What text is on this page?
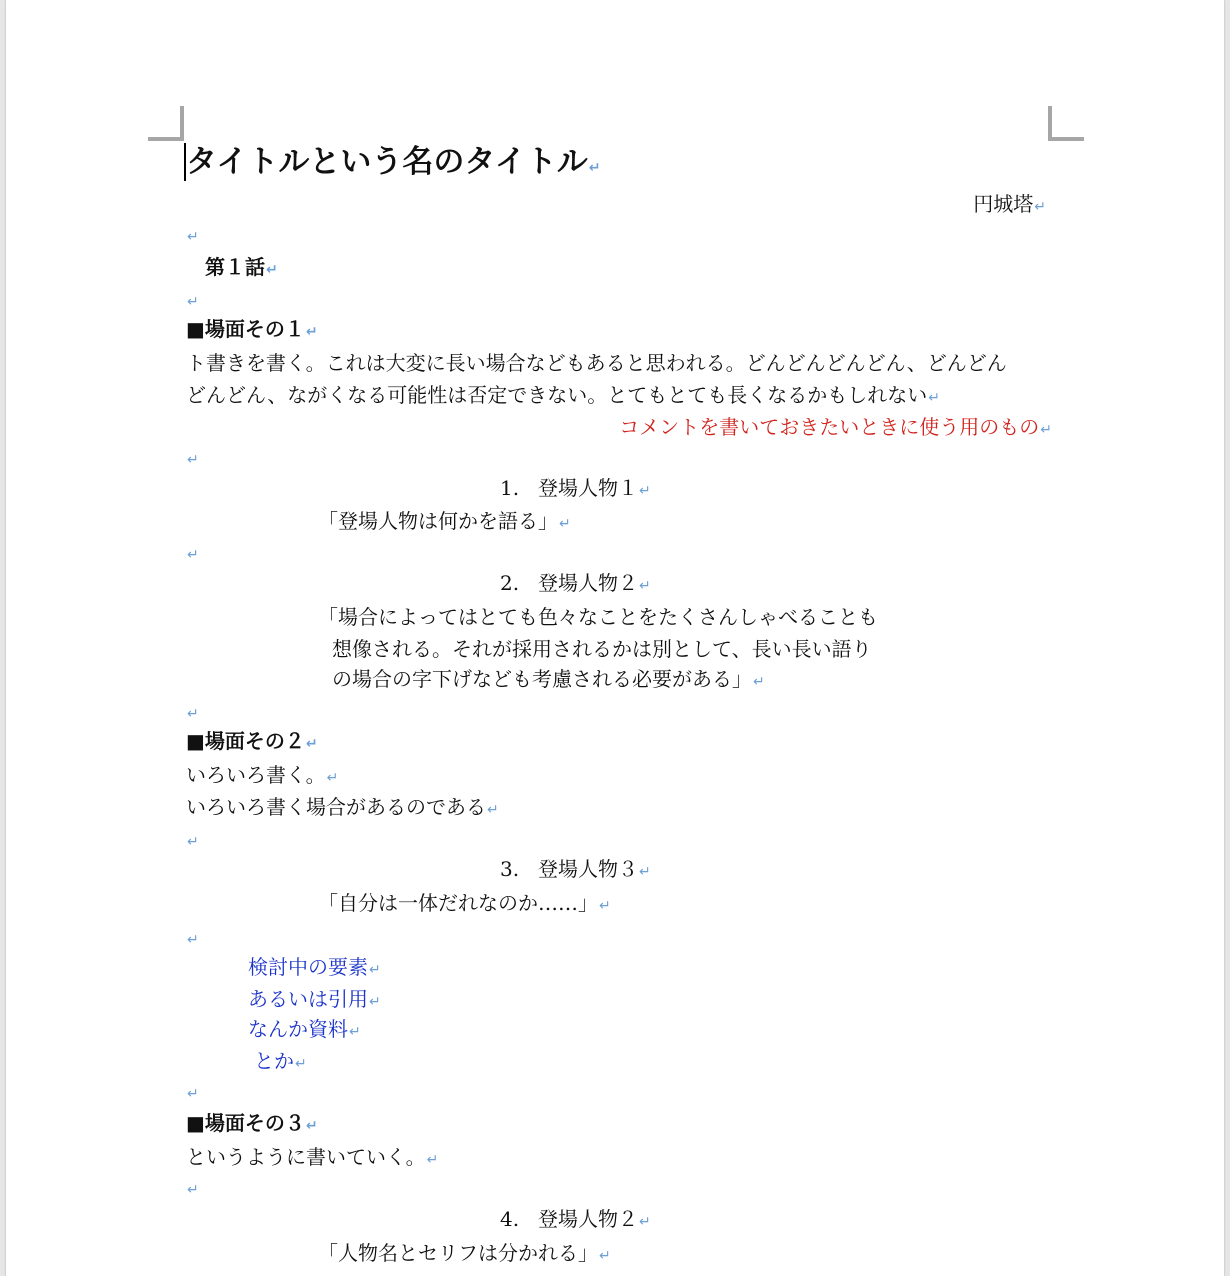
タイトルという名のタイトル↵
円城塔↵
↵
第１話↵
↵
■場面その１↵
ト書きを書く。これは大変に長い場合などもあると思われる。どんどんどんどん、どんどん
どんどん、ながくなる可能性は否定できない。とてもとても長くなるかもしれない↵
コメントを書いておきたいときに使う用のもの↵
↵
1. 登場人物１↵
「登場人物は何かを語る」↵
↵
2. 登場人物２↵
「場合によってはとても色々なことをたくさんしゃべることも
想像される。それが採用されるかは別として、長い長い語り
の場合の字下げなども考慮される必要がある」↵
↵
■場面その２↵
いろいろ書く。↵
いろいろ書く場合があるのである↵
↵
3. 登場人物３↵
「自分は一体だれなのか……」↵
↵
検討中の要素↵
あるいは引用↵
なんか資料↵
とか↵
↵
■場面その３↵
というように書いていく。↵
↵
4. 登場人物２↵
「人物名とセリフは分かれる」↵
